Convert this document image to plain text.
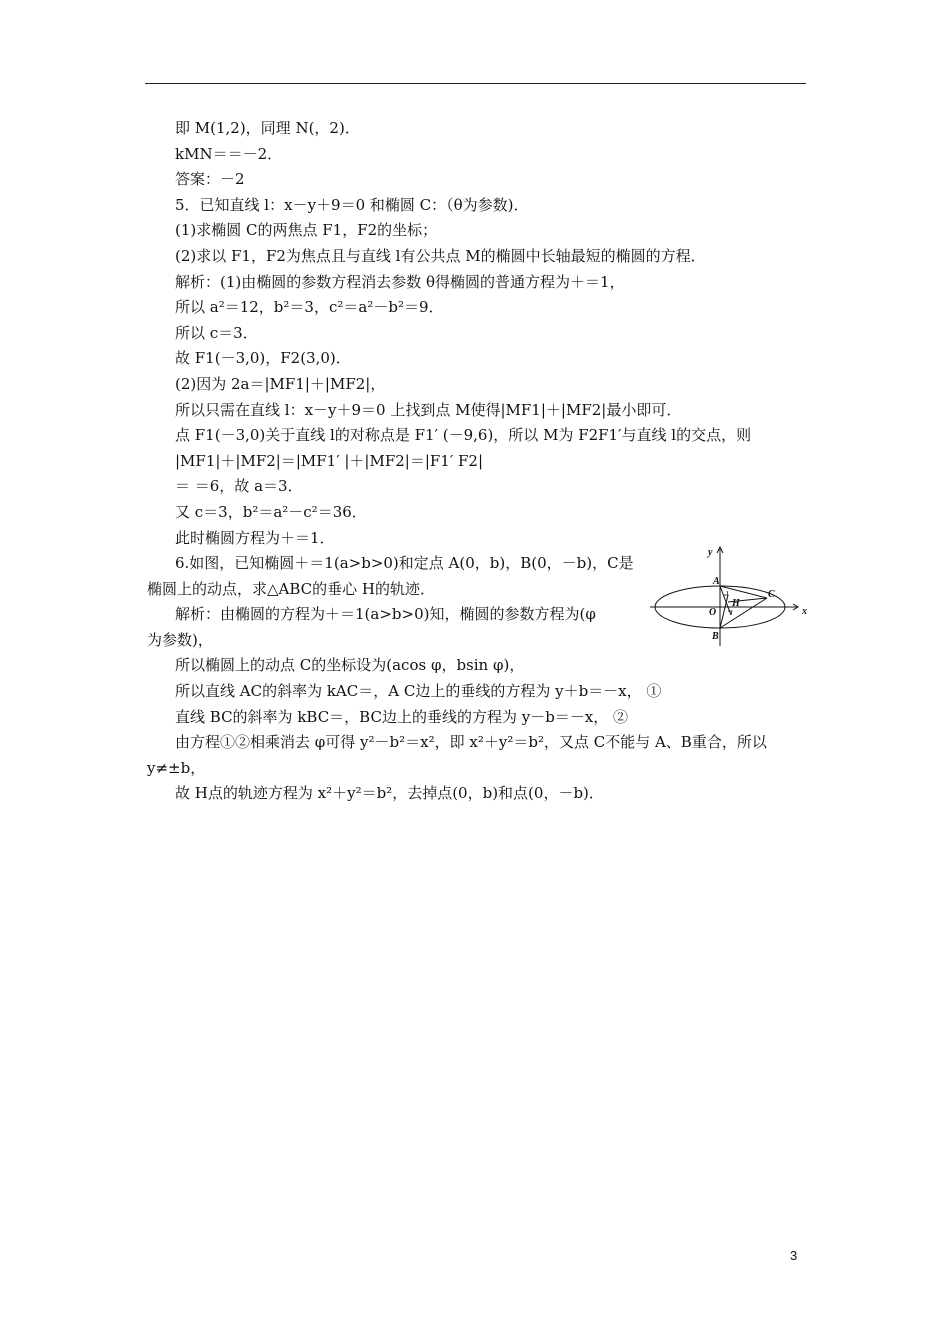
即 M(1,2)，同理 N(，2)．
kMN＝＝－2．
答案：－2
5．已知直线 l：x－y＋9＝0 和椭圆 C：（θ为参数)．
(1)求椭圆 C的两焦点 F1，F2的坐标；
(2)求以 F1，F2为焦点且与直线 l有公共点 M的椭圆中长轴最短的椭圆的方程．
解析：(1)由椭圆的参数方程消去参数 θ得椭圆的普通方程为＋＝1，
所以 a²＝12，b²＝3，c²＝a²－b²＝9．
所以 c＝3．
故 F1(－3,0)，F2(3,0)．
(2)因为 2a＝|MF1|＋|MF2|，
所以只需在直线 l：x－y＋9＝0 上找到点 M使得|MF1|＋|MF2|最小即可．
点 F1(－3,0)关于直线 l的对称点是 F1′ (－9,6)，所以 M为 F2F1′与直线 l的交点，则
|MF1|＋|MF2|＝|MF1′ |＋|MF2|＝|F1′ F2|
＝ ＝6，故 a＝3．
又 c＝3，b²＝a²－c²＝36．
此时椭圆方程为＋＝1．
6.如图，已知椭圆＋＝1(a>b>0)和定点 A(0，b)，B(0，－b)，C是
椭圆上的动点，求△ABC的垂心 H的轨迹．
解析：由椭圆的方程为＋＝1(a>b>0)知，椭圆的参数方程为(φ
为参数)，
所以椭圆上的动点 C的坐标设为(acos φ，bsin φ)，
所以直线 AC的斜率为 kAC＝，A C边上的垂线的方程为 y＋b＝－x， ①
直线 BC的斜率为 kBC＝，BC边上的垂线的方程为 y－b＝－x， ②
由方程①②相乘消去 φ可得 y²－b²＝x²，即 x²＋y²＝b²，又点 C不能与 A、B重合，所以
y≠±b，
故 H点的轨迹方程为 x²＋y²＝b²，去掉点(0，b)和点(0，－b)．
y
x
A
B
C
O
H
3
